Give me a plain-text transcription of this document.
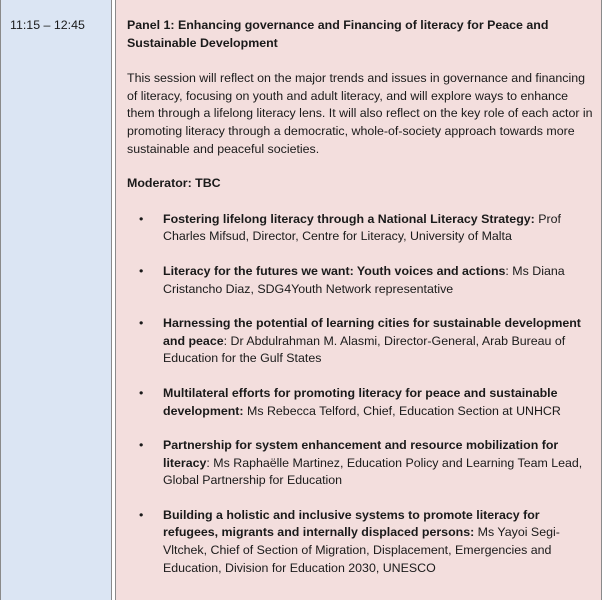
11:15 – 12:45	Panel 1: Enhancing governance and Financing of literacy for Peace and Sustainable Development
This session will reflect on the major trends and issues in governance and financing of literacy, focusing on youth and adult literacy, and will explore ways to enhance them through a lifelong literacy lens. It will also reflect on the key role of each actor in promoting literacy through a democratic, whole-of-society approach towards more sustainable and peaceful societies.
Moderator: TBC
• Fostering lifelong literacy through a National Literacy Strategy: Prof Charles Mifsud, Director, Centre for Literacy, University of Malta
• Literacy for the futures we want: Youth voices and actions: Ms Diana Cristancho Diaz, SDG4Youth Network representative
• Harnessing the potential of learning cities for sustainable development and peace: Dr Abdulrahman M. Alasmi, Director-General, Arab Bureau of Education for the Gulf States
• Multilateral efforts for promoting literacy for peace and sustainable development: Ms Rebecca Telford, Chief, Education Section at UNHCR
• Partnership for system enhancement and resource mobilization for literacy: Ms Raphaëlle Martinez, Education Policy and Learning Team Lead, Global Partnership for Education
• Building a holistic and inclusive systems to promote literacy for refugees, migrants and internally displaced persons: Ms Yayoi Segi-Vltchek, Chief of Section of Migration, Displacement, Emergencies and Education, Division for Education 2030, UNESCO
